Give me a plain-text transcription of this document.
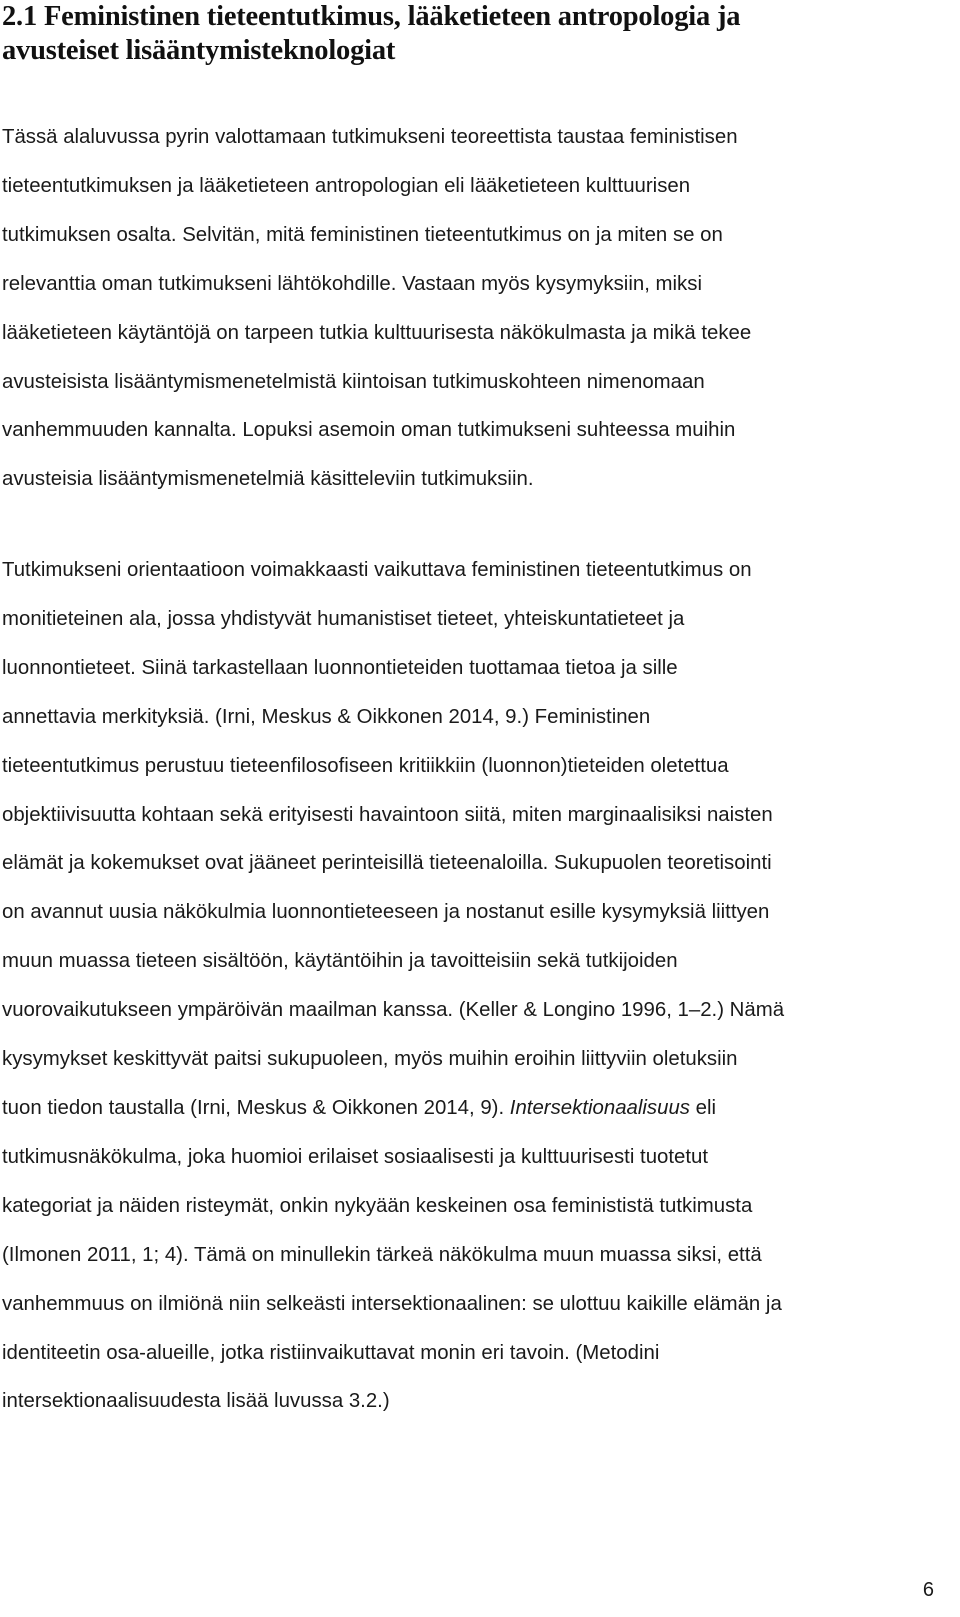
2.1 Feministinen tieteentutkimus, lääketieteen antropologia ja
avusteiset lisääntymisteknologiat

Tässä alaluvussa pyrin valottamaan tutkimukseni teoreettista taustaa feministisen
tieteentutkimuksen ja lääketieteen antropologian eli lääketieteen kulttuurisen
tutkimuksen osalta. Selvitän, mitä feministinen tieteentutkimus on ja miten se on
relevanttia oman tutkimukseni lähtökohdille. Vastaan myös kysymyksiin, miksi
lääketieteen käytäntöjä on tarpeen tutkia kulttuurisesta näkökulmasta ja mikä tekee
avusteisista lisääntymismenetelmistä kiintoisan tutkimuskohteen nimenomaan
vanhemmuuden kannalta. Lopuksi asemoin oman tutkimukseni suhteessa muihin
avusteisia lisääntymismenetelmiä käsitteleviin tutkimuksiin.

Tutkimukseni orientaatioon voimakkaasti vaikuttava feministinen tieteentutkimus on
monitieteinen ala, jossa yhdistyvät humanistiset tieteet, yhteiskuntatieteet ja
luonnontieteet. Siinä tarkastellaan luonnontieteiden tuottamaa tietoa ja sille
annettavia merkityksiä. (Irni, Meskus & Oikkonen 2014, 9.) Feministinen
tieteentutkimus perustuu tieteenfilosofiseen kritiikkiin (luonnon)tieteiden oletettua
objektiivisuutta kohtaan sekä erityisesti havaintoon siitä, miten marginaalisiksi naisten
elämät ja kokemukset ovat jääneet perinteisillä tieteenaloilla. Sukupuolen teoretisointi
on avannut uusia näkökulmia luonnontieteeseen ja nostanut esille kysymyksiä liittyen
muun muassa tieteen sisältöön, käytäntöihin ja tavoitteisiin sekä tutkijoiden
vuorovaikutukseen ympäröivän maailman kanssa. (Keller & Longino 1996, 1–2.) Nämä
kysymykset keskittyvät paitsi sukupuoleen, myös muihin eroihin liittyviin oletuksiin
tuon tiedon taustalla (Irni, Meskus & Oikkonen 2014, 9). Intersektionaalisuus eli
tutkimusnäkökulma, joka huomioi erilaiset sosiaalisesti ja kulttuurisesti tuotetut
kategoriat ja näiden risteymät, onkin nykyään keskeinen osa feminististä tutkimusta
(Ilmonen 2011, 1; 4). Tämä on minullekin tärkeä näkökulma muun muassa siksi, että
vanhemmuus on ilmiönä niin selkeästi intersektionaalinen: se ulottuu kaikille elämän ja
identiteetin osa-alueille, jotka ristiinvaikuttavat monin eri tavoin. (Metodini
intersektionaalisuudesta lisää luvussa 3.2.)

6
